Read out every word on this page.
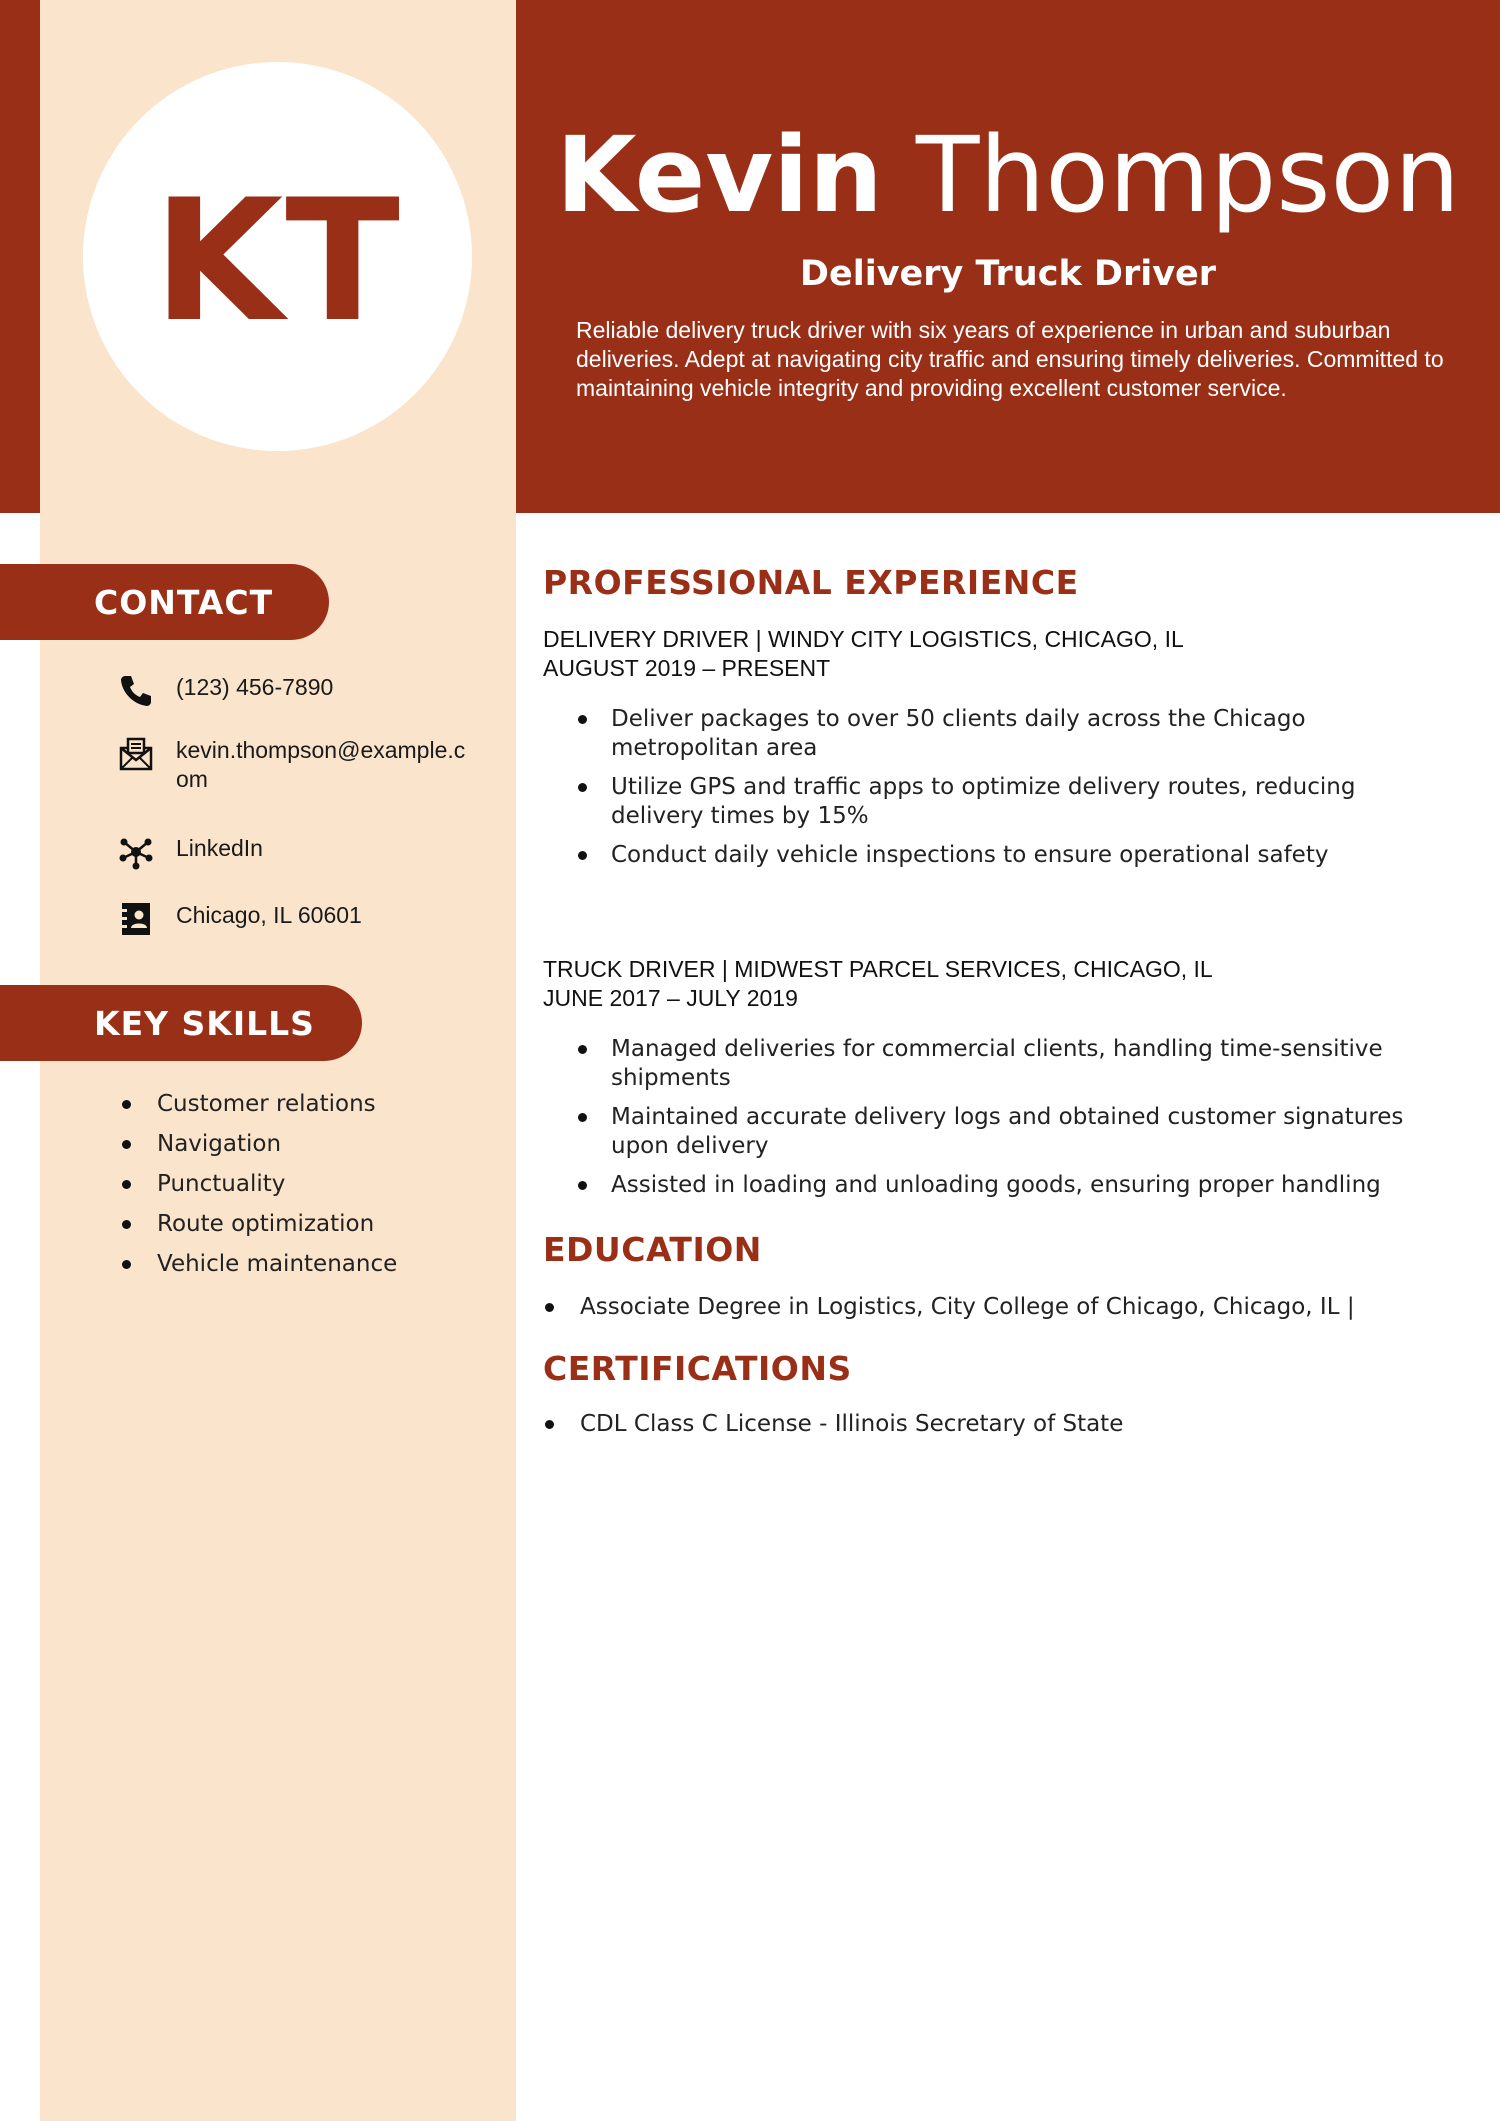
KT	Kevin Thompson
Delivery Truck Driver
Reliable delivery truck driver with six years of experience in urban and suburban deliveries. Adept at navigating city traffic and ensuring timely deliveries. Committed to maintaining vehicle integrity and providing excellent customer service.
CONTACT
(123) 456-7890
kevin.thompson@example.com
LinkedIn
Chicago, IL 60601
KEY SKILLS
Customer relations
Navigation
Punctuality
Route optimization
Vehicle maintenance
PROFESSIONAL EXPERIENCE
DELIVERY DRIVER | WINDY CITY LOGISTICS, CHICAGO, IL
AUGUST 2019 – PRESENT
Deliver packages to over 50 clients daily across the Chicago metropolitan area
Utilize GPS and traffic apps to optimize delivery routes, reducing delivery times by 15%
Conduct daily vehicle inspections to ensure operational safety
TRUCK DRIVER | MIDWEST PARCEL SERVICES, CHICAGO, IL
JUNE 2017 – JULY 2019
Managed deliveries for commercial clients, handling time-sensitive shipments
Maintained accurate delivery logs and obtained customer signatures upon delivery
Assisted in loading and unloading goods, ensuring proper handling
EDUCATION
Associate Degree in Logistics, City College of Chicago, Chicago, IL |
CERTIFICATIONS
CDL Class C License - Illinois Secretary of State
